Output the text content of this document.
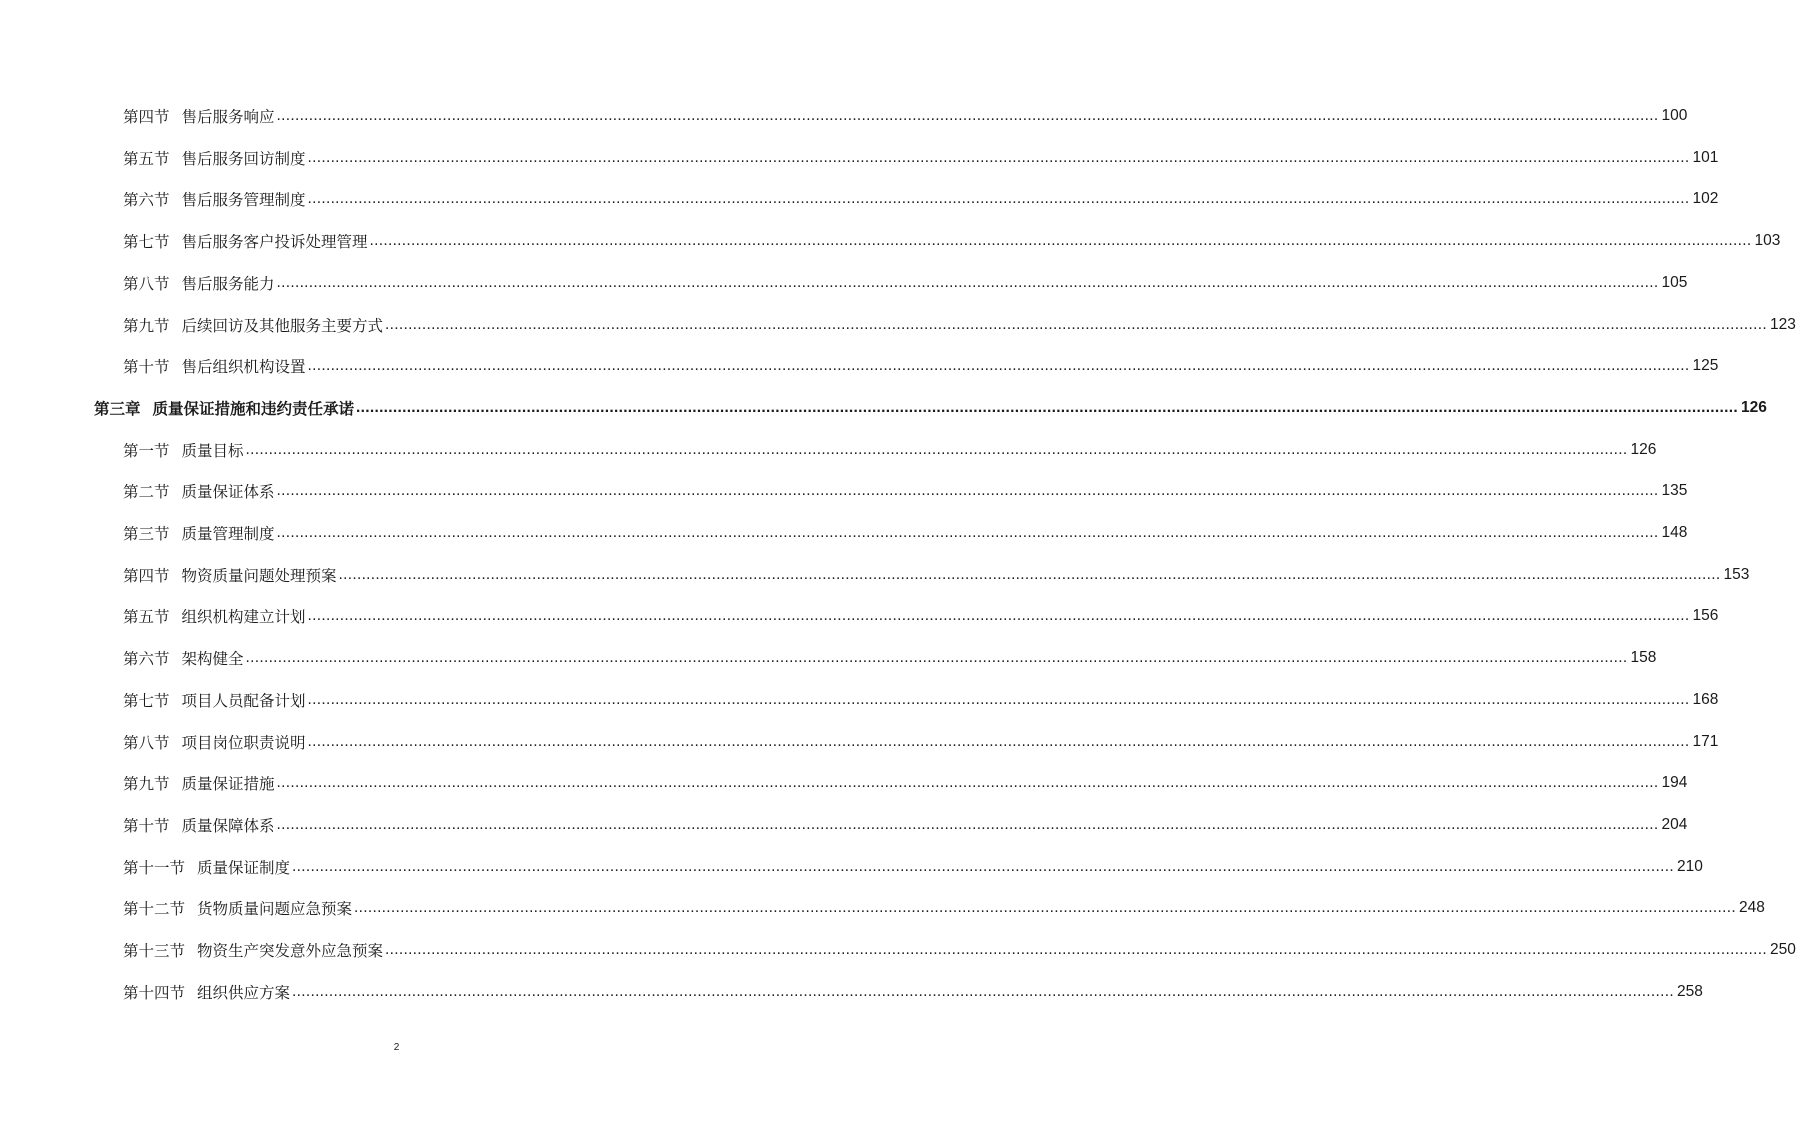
第四节 售后服务响应 ............................................................................................................................................................................................................................................................................................................ 100
第五节 售后服务回访制度 ............................................................................................................................................................................................................................................................................................................ 101
第六节 售后服务管理制度 ............................................................................................................................................................................................................................................................................................................ 102
第七节 售后服务客户投诉处理管理 ............................................................................................................................................................................................................................................................................................................ 103
第八节 售后服务能力 ............................................................................................................................................................................................................................................................................................................ 105
第九节 后续回访及其他服务主要方式 ............................................................................................................................................................................................................................................................................................................ 123
第十节 售后组织机构设置 ............................................................................................................................................................................................................................................................................................................ 125
第三章 质量保证措施和违约责任承诺 ............................................................................................................................................................................................................................................................................................................ 126
第一节 质量目标 ............................................................................................................................................................................................................................................................................................................ 126
第二节 质量保证体系 ............................................................................................................................................................................................................................................................................................................ 135
第三节 质量管理制度 ............................................................................................................................................................................................................................................................................................................ 148
第四节 物资质量问题处理预案 ............................................................................................................................................................................................................................................................................................................ 153
第五节 组织机构建立计划 ............................................................................................................................................................................................................................................................................................................ 156
第六节 架构健全 ............................................................................................................................................................................................................................................................................................................ 158
第七节 项目人员配备计划 ............................................................................................................................................................................................................................................................................................................ 168
第八节 项目岗位职责说明 ............................................................................................................................................................................................................................................................................................................ 171
第九节 质量保证措施 ............................................................................................................................................................................................................................................................................................................ 194
第十节 质量保障体系 ............................................................................................................................................................................................................................................................................................................ 204
第十一节 质量保证制度 ............................................................................................................................................................................................................................................................................................................ 210
第十二节 货物质量问题应急预案 ............................................................................................................................................................................................................................................................................................................ 248
第十三节 物资生产突发意外应急预案 ............................................................................................................................................................................................................................................................................................................ 250
第十四节 组织供应方案 ............................................................................................................................................................................................................................................................................................................ 258
2
